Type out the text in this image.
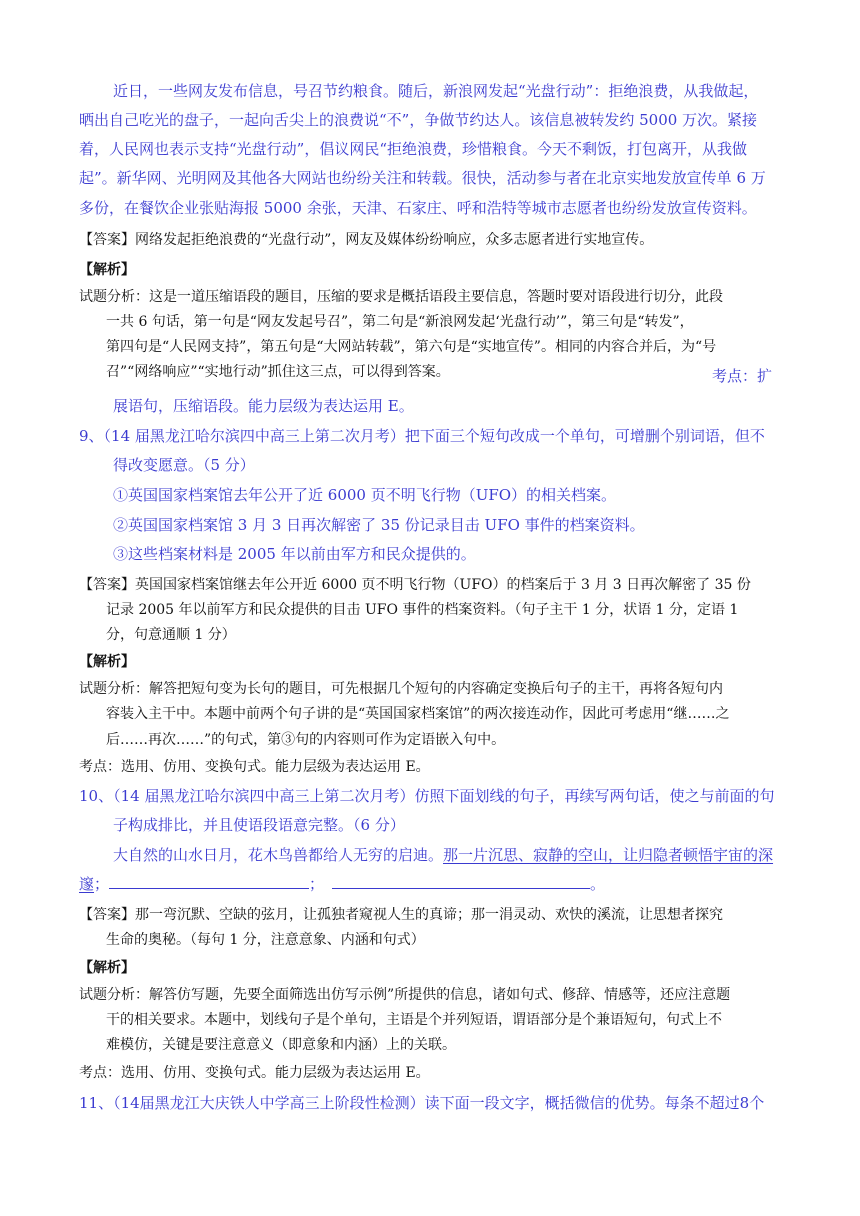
近日，一些网友发布信息，号召节约粮食。随后，新浪网发起“光盘行动”：拒绝浪费，从我做起，
晒出自己吃光的盘子，一起向舌尖上的浪费说“不”，争做节约达人。该信息被转发约 5000 万次。紧接
着，人民网也表示支持“光盘行动”，倡议网民“拒绝浪费，珍惜粮食。今天不剩饭，打包离开，从我做
起”。新华网、光明网及其他各大网站也纷纷关注和转载。很快，活动参与者在北京实地发放宣传单 6 万
多份，在餐饮企业张贴海报 5000 余张，天津、石家庄、呼和浩特等城市志愿者也纷纷发放宣传资料。
【答案】网络发起拒绝浪费的“光盘行动”，网友及媒体纷纷响应，众多志愿者进行实地宣传。
【解析】
试题分析：这是一道压缩语段的题目，压缩的要求是概括语段主要信息，答题时要对语段进行切分，此段
一共 6 句话，第一句是“网友发起号召”，第二句是“新浪网发起‘光盘行动’”，第三句是“转发”，
第四句是“人民网支持”，第五句是“大网站转载”，第六句是“实地宣传”。相同的内容合并后，为“号
召”“网络响应”“实地行动”抓住这三点，可以得到答案。	考点：扩
展语句，压缩语段。能力层级为表达运用 E。
9、（14 届黑龙江哈尔滨四中高三上第二次月考）把下面三个短句改成一个单句，可增删个别词语，但不
得改变愿意。（5 分）
①英国国家档案馆去年公开了近 6000 页不明飞行物（UFO）的相关档案。
②英国国家档案馆 3 月 3 日再次解密了 35 份记录目击 UFO 事件的档案资料。
③这些档案材料是 2005 年以前由军方和民众提供的。
【答案】英国国家档案馆继去年公开近 6000 页不明飞行物（UFO）的档案后于 3 月 3 日再次解密了 35 份
记录 2005 年以前军方和民众提供的目击 UFO 事件的档案资料。（句子主干 1 分，状语 1 分，定语 1
分，句意通顺 1 分）
【解析】
试题分析：解答把短句变为长句的题目，可先根据几个短句的内容确定变换后句子的主干，再将各短句内
容装入主干中。本题中前两个句子讲的是“英国国家档案馆”的两次接连动作，因此可考虑用“继……之
后……再次……”的句式，第③句的内容则可作为定语嵌入句中。
考点：选用、仿用、变换句式。能力层级为表达运用 E。
10、（14 届黑龙江哈尔滨四中高三上第二次月考）仿照下面划线的句子，再续写两句话，使之与前面的句
子构成排比，并且使语段语意完整。（6 分）
大自然的山水日月，花木鸟兽都给人无穷的启迪。那一片沉思、寂静的空山，让归隐者顿悟宇宙的深
邃；	；	。
【答案】那一弯沉默、空缺的弦月，让孤独者窥视人生的真谛；那一涓灵动、欢快的溪流，让思想者探究
生命的奥秘。（每句 1 分，注意意象、内涵和句式）
【解析】
试题分析：解答仿写题，先要全面筛选出仿写示例”所提供的信息，诸如句式、修辞、情感等，还应注意题
干的相关要求。本题中，划线句子是个单句，主语是个并列短语，谓语部分是个兼语短句，句式上不
难模仿，关键是要注意意义（即意象和内涵）上的关联。
考点：选用、仿用、变换句式。能力层级为表达运用 E。
11、（14届黑龙江大庆铁人中学高三上阶段性检测）读下面一段文字，概括微信的优势。每条不超过8个
